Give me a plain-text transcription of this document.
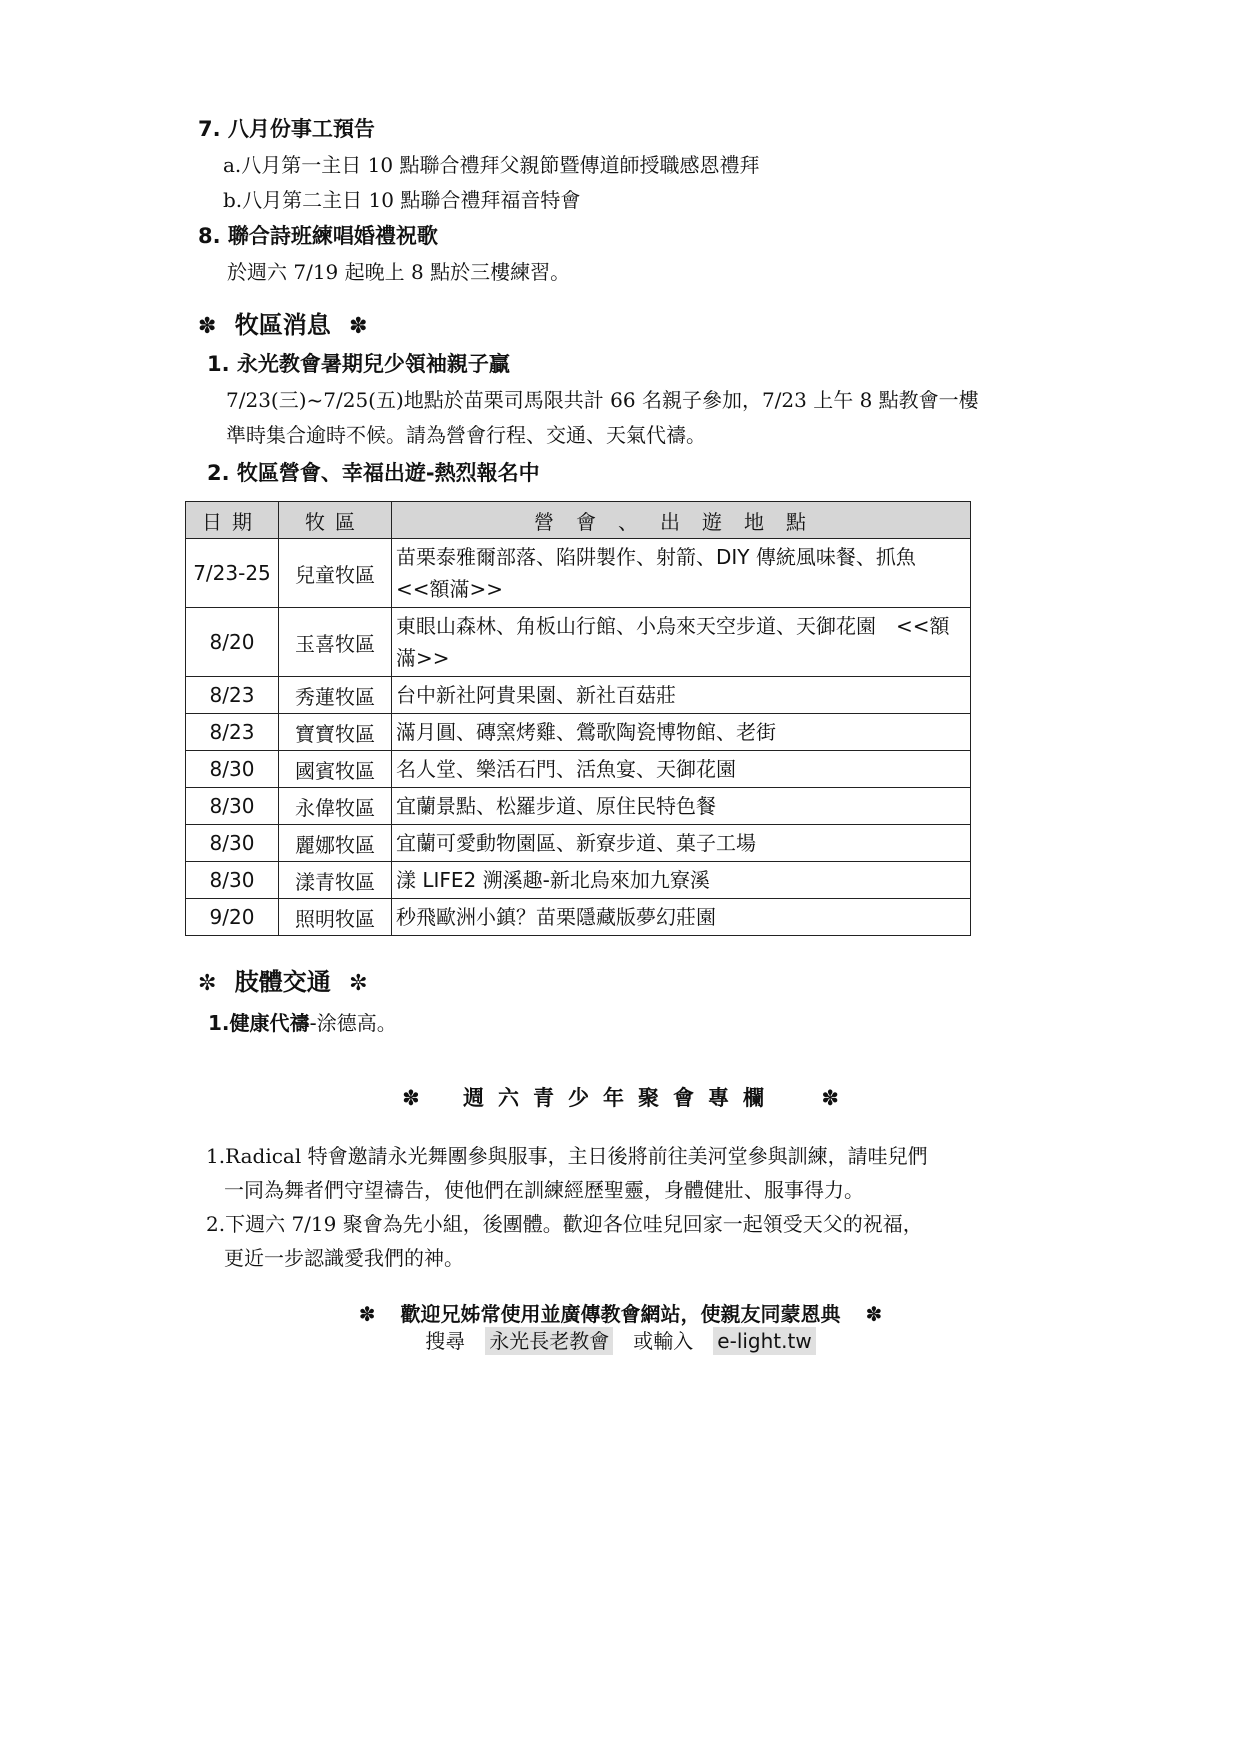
7. 八月份事工預告
a.八月第一主日 10 點聯合禮拜父親節暨傳道師授職感恩禮拜
b.八月第二主日 10 點聯合禮拜福音特會
8. 聯合詩班練唱婚禮祝歌
於週六 7/19 起晚上 8 點於三樓練習。
✽ 牧區消息 ✽
1. 永光教會暑期兒少領袖親子贏
7/23(三)~7/25(五)地點於苗栗司馬限共計 66 名親子參加，7/23 上午 8 點教會一樓
準時集合逾時不候。請為營會行程、交通、天氣代禱。
2. 牧區營會、幸福出遊-熱烈報名中
日期	牧區	營會、出遊地點
7/23-25	兒童牧區	苗栗泰雅爾部落、陷阱製作、射箭、DIY 傳統風味餐、抓魚　<<額滿>>
8/20	玉喜牧區	東眼山森林、角板山行館、小烏來天空步道、天御花園　<<額滿>>
8/23	秀蓮牧區	台中新社阿貴果園、新社百菇莊
8/23	寶寶牧區	滿月圓、磚窯烤雞、鶯歌陶瓷博物館、老街
8/30	國賓牧區	名人堂、樂活石門、活魚宴、天御花園
8/30	永偉牧區	宜蘭景點、松羅步道、原住民特色餐
8/30	麗娜牧區	宜蘭可愛動物園區、新寮步道、菓子工場
8/30	漾青牧區	漾 LIFE2 溯溪趣-新北烏來加九寮溪
9/20	照明牧區	秒飛歐洲小鎮？苗栗隱藏版夢幻莊園
✼ 肢體交通 ✼
1.健康代禱-涂德高。
✽ 週六青少年聚會專欄 ✽
1.Radical 特會邀請永光舞團參與服事，主日後將前往美河堂參與訓練，請哇兒們
一同為舞者們守望禱告，使他們在訓練經歷聖靈，身體健壯、服事得力。
2.下週六 7/19 聚會為先小組，後團體。歡迎各位哇兒回家一起領受天父的祝福，
更近一步認識愛我們的神。
✽ 歡迎兄姊常使用並廣傳教會網站，使親友同蒙恩典 ✽
搜尋 永光長老教會 或輸入 e-light.tw
